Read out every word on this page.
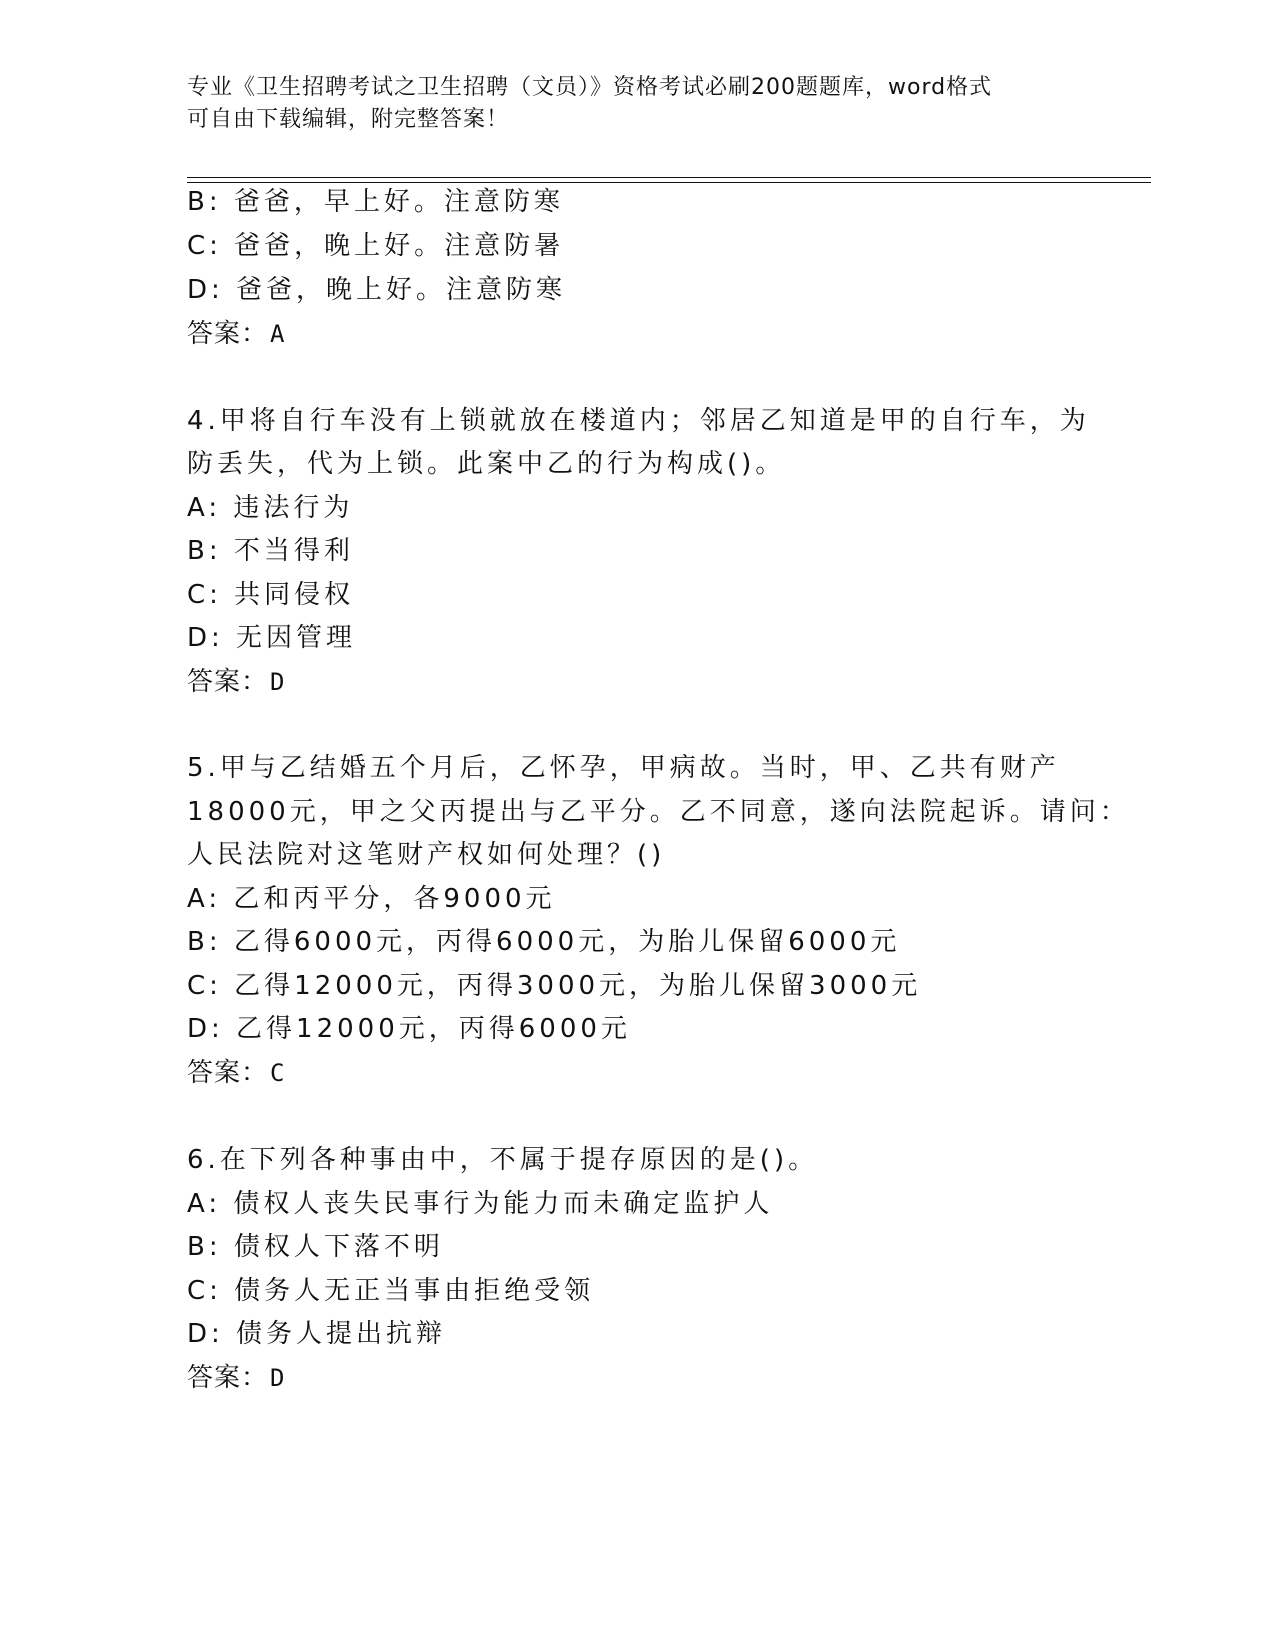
专业《卫生招聘考试之卫生招聘（文员）》资格考试必刷200题题库，word格式
可自由下载编辑，附完整答案！
B: 爸爸，早上好。注意防寒
C: 爸爸，晚上好。注意防暑
D: 爸爸，晚上好。注意防寒
答案：A
4.甲将自行车没有上锁就放在楼道内；邻居乙知道是甲的自行车，为
防丢失，代为上锁。此案中乙的行为构成()。
A: 违法行为
B: 不当得利
C: 共同侵权
D: 无因管理
答案：D
5.甲与乙结婚五个月后，乙怀孕，甲病故。当时，甲、乙共有财产
18000元，甲之父丙提出与乙平分。乙不同意，遂向法院起诉。请问：
人民法院对这笔财产权如何处理？()
A: 乙和丙平分，各9000元
B: 乙得6000元，丙得6000元，为胎儿保留6000元
C: 乙得12000元，丙得3000元，为胎儿保留3000元
D: 乙得12000元，丙得6000元
答案：C
6.在下列各种事由中，不属于提存原因的是()。
A: 债权人丧失民事行为能力而未确定监护人
B: 债权人下落不明
C: 债务人无正当事由拒绝受领
D: 债务人提出抗辩
答案：D
